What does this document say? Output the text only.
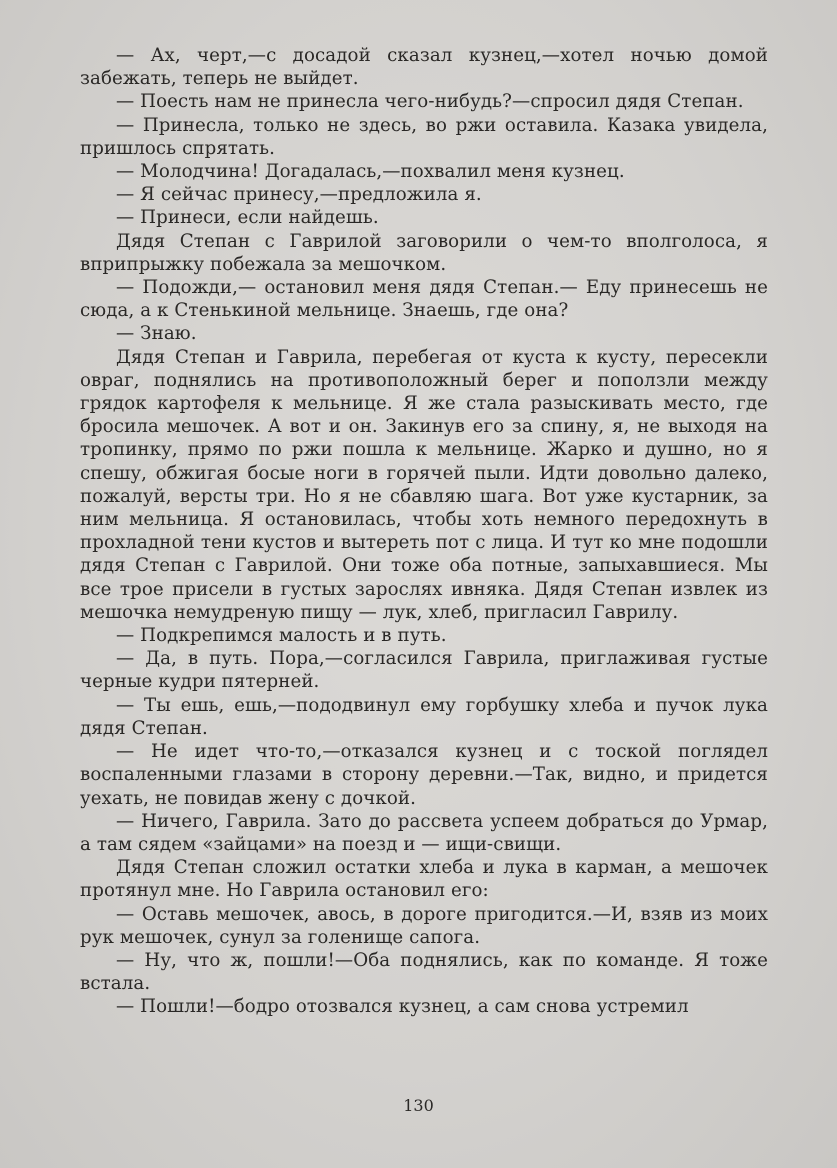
— Ах, черт,—с досадой сказал кузнец,—хотел ночью домой забежать, теперь не выйдет.

— Поесть нам не принесла чего-нибудь?—спросил дядя Степан.

— Принесла, только не здесь, во ржи оставила. Казака увидела, пришлось спрятать.

— Молодчина! Догадалась,—похвалил меня кузнец.

— Я сейчас принесу,—предложила я.

— Принеси, если найдешь.

Дядя Степан с Гаврилой заговорили о чем-то вполголоса, я вприпрыжку побежала за мешочком.

— Подожди,— остановил меня дядя Степан.— Еду принесешь не сюда, а к Стенькиной мельнице. Знаешь, где она?

— Знаю.

Дядя Степан и Гаврила, перебегая от куста к кусту, пересекли овраг, поднялись на противоположный берег и поползли между грядок картофеля к мельнице. Я же стала разыскивать место, где бросила мешочек. А вот и он. Закинув его за спину, я, не выходя на тропинку, прямо по ржи пошла к мельнице. Жарко и душно, но я спешу, обжигая босые ноги в горячей пыли. Идти довольно далеко, пожалуй, версты три. Но я не сбавляю шага. Вот уже кустарник, за ним мельница. Я остановилась, чтобы хоть немного передохнуть в прохладной тени кустов и вытереть пот с лица. И тут ко мне подошли дядя Степан с Гаврилой. Они тоже оба потные, запыхавшиеся. Мы все трое присели в густых зарослях ивняка. Дядя Степан извлек из мешочка немудреную пищу — лук, хлеб, пригласил Гаврилу.

— Подкрепимся малость и в путь.

— Да, в путь. Пора,—согласился Гаврила, приглаживая густые черные кудри пятерней.

— Ты ешь, ешь,—пододвинул ему горбушку хлеба и пучок лука дядя Степан.

— Не идет что-то,—отказался кузнец и с тоской поглядел воспаленными глазами в сторону деревни.—Так, видно, и придется уехать, не повидав жену с дочкой.

— Ничего, Гаврила. Зато до рассвета успеем добраться до Урмар, а там сядем «зайцами» на поезд и — ищи-свищи.

Дядя Степан сложил остатки хлеба и лука в карман, а мешочек протянул мне. Но Гаврила остановил его:

— Оставь мешочек, авось, в дороге пригодится.—И, взяв из моих рук мешочек, сунул за голенище сапога.

— Ну, что ж, пошли!—Оба поднялись, как по команде. Я тоже встала.

— Пошли!—бодро отозвался кузнец, а сам снова устремил

130
